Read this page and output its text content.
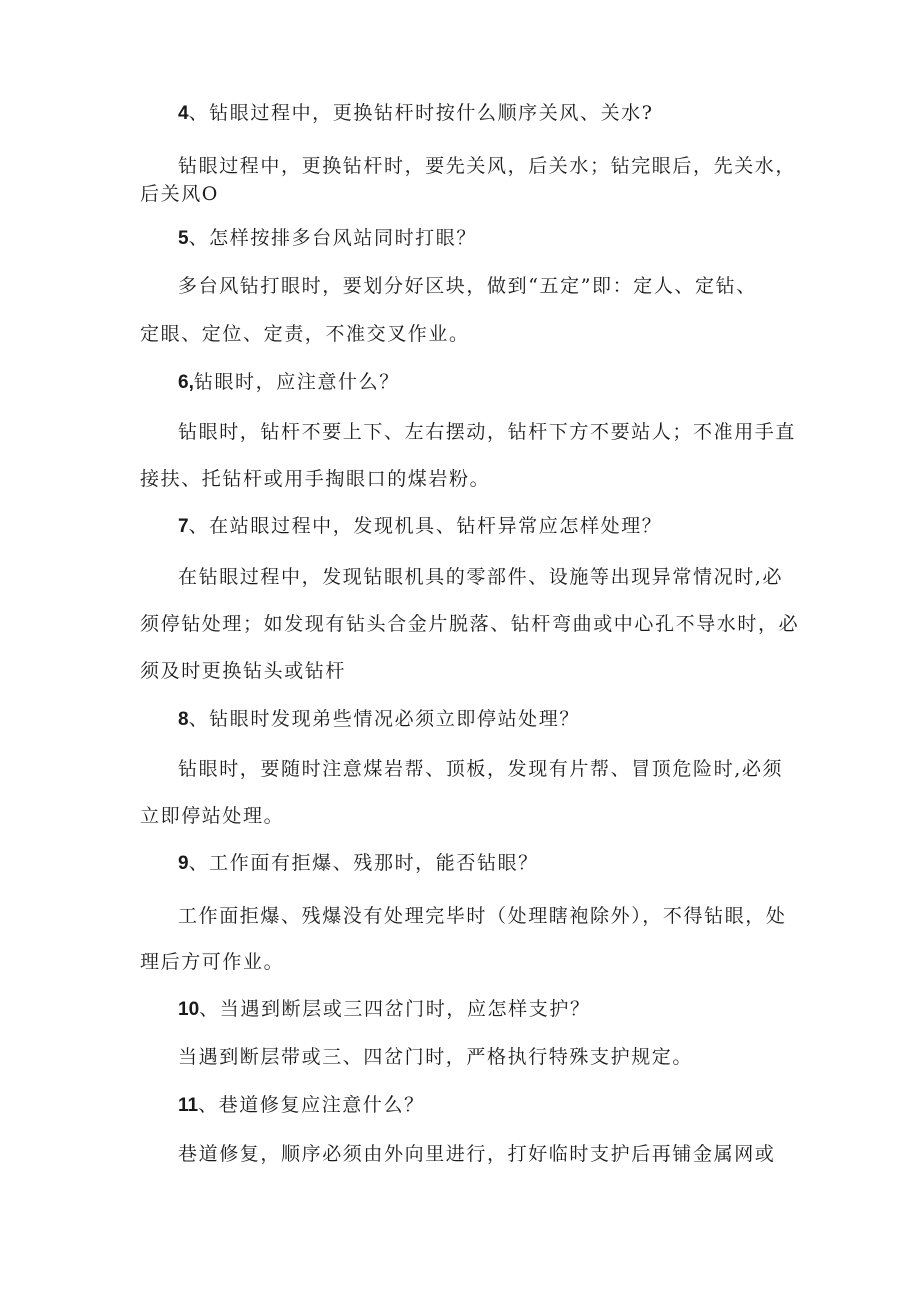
4、钻眼过程中，更换钻杆时按什么顺序关风、关水?
钻眼过程中，更换钻杆时，要先关风，后关水；钻完眼后，先关水，
后关风O
5、怎样按排多台风站同时打眼？
多台风钻打眼时，要划分好区块，做到“五定”即：定人、定钻、
定眼、定位、定责，不准交叉作业。
6,钻眼时，应注意什么？
钻眼时，钻杆不要上下、左右摆动，钻杆下方不要站人；不准用手直
接扶、托钻杆或用手掏眼口的煤岩粉。
7、在站眼过程中，发现机具、钻杆异常应怎样处理？
在钻眼过程中，发现钻眼机具的零部件、设施等出现异常情况时,必
须停钻处理；如发现有钻头合金片脱落、钻杆弯曲或中心孔不导水时，必
须及时更换钻头或钻杆
8、钻眼时发现弟些情况必须立即停站处理？
钻眼时，要随时注意煤岩帮、顶板，发现有片帮、冒顶危险时,必须
立即停站处理。
9、工作面有拒爆、残那时，能否钻眼？
工作面拒爆、残爆没有处理完毕时（处理瞎袍除外），不得钻眼，处
理后方可作业。
10、当遇到断层或三四岔门时，应怎样支护？
当遇到断层带或三、四岔门时，严格执行特殊支护规定。
11、巷道修复应注意什么？
巷道修复，顺序必须由外向里进行，打好临时支护后再铺金属网或
